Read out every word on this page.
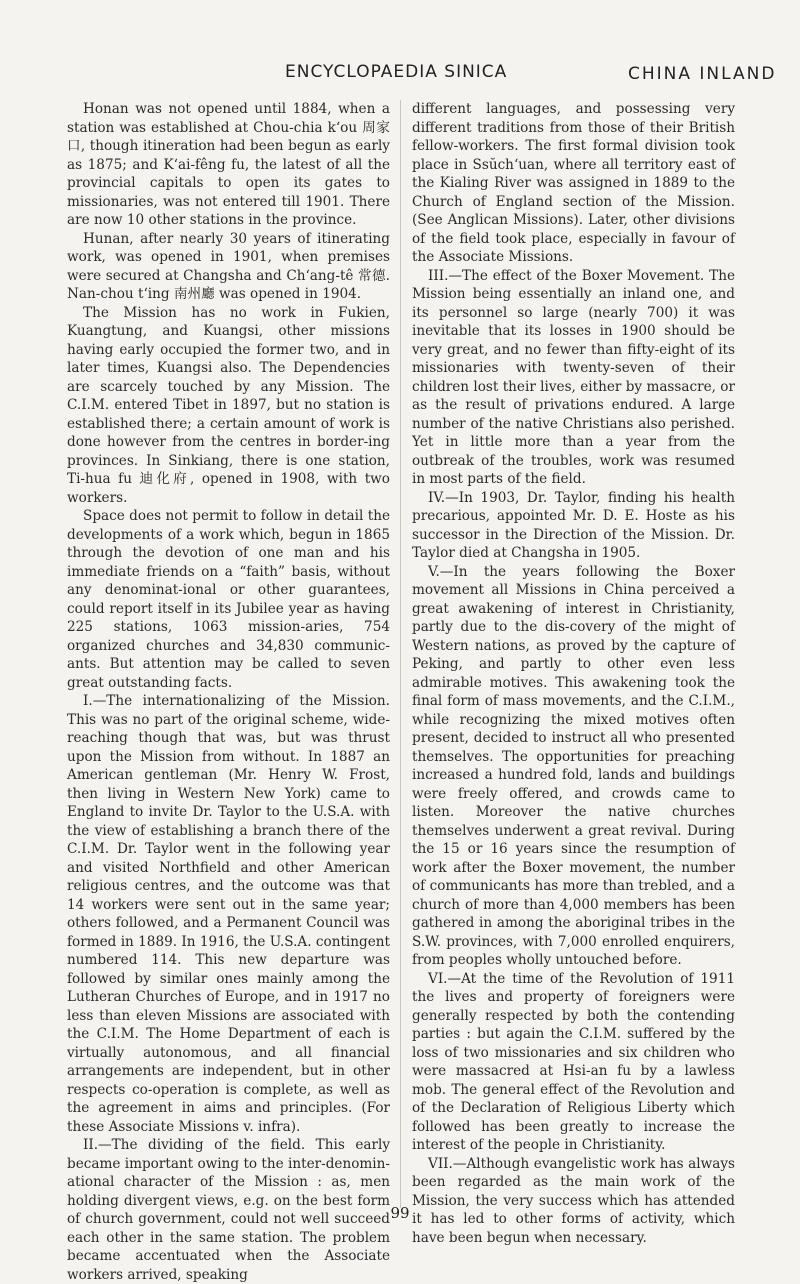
ENCYCLOPAEDIA SINICA	CHINA INLAND

Honan was not opened until 1884, when a station was established at Chou-chia k‘ou 周家口, though itineration had been begun as early as 1875; and K‘ai-fêng fu, the latest of all the provincial capitals to open its gates to missionaries, was not entered till 1901. There are now 10 other stations in the province.

Hunan, after nearly 30 years of itinerating work, was opened in 1901, when premises were secured at Changsha and Ch‘ang-tê 常德. Nan-chou t‘ing 南州廳 was opened in 1904.

The Mission has no work in Fukien, Kuangtung, and Kuangsi, other missions having early occupied the former two, and in later times, Kuangsi also. The Dependencies are scarcely touched by any Mission. The C.I.M. entered Tibet in 1897, but no station is established there; a certain amount of work is done however from the centres in border-ing provinces. In Sinkiang, there is one station, Ti-hua fu 迪化府, opened in 1908, with two workers.

Space does not permit to follow in detail the developments of a work which, begun in 1865 through the devotion of one man and his immediate friends on a “faith” basis, without any denominat-ional or other guarantees, could report itself in its Jubilee year as having 225 stations, 1063 mission-aries, 754 organized churches and 34,830 communic-ants. But attention may be called to seven great outstanding facts.

I.—The internationalizing of the Mission. This was no part of the original scheme, wide-reaching though that was, but was thrust upon the Mission from without. In 1887 an American gentleman (Mr. Henry W. Frost, then living in Western New York) came to England to invite Dr. Taylor to the U.S.A. with the view of establishing a branch there of the C.I.M. Dr. Taylor went in the following year and visited Northfield and other American religious centres, and the outcome was that 14 workers were sent out in the same year; others followed, and a Permanent Council was formed in 1889. In 1916, the U.S.A. contingent numbered 114. This new departure was followed by similar ones mainly among the Lutheran Churches of Europe, and in 1917 no less than eleven Missions are associated with the C.I.M. The Home Department of each is virtually autonomous, and all financial arrangements are independent, but in other respects co-operation is complete, as well as the agreement in aims and principles. (For these Associate Missions v. infra).

II.—The dividing of the field. This early became important owing to the inter-denomin-ational character of the Mission : as, men holding divergent views, e.g. on the best form of church government, could not well succeed each other in the same station. The problem became accentuated when the Associate workers arrived, speaking

different languages, and possessing very different traditions from those of their British fellow-workers. The first formal division took place in Ssŭch‘uan, where all territory east of the Kialing River was assigned in 1889 to the Church of England section of the Mission. (See Anglican Missions). Later, other divisions of the field took place, especially in favour of the Associate Missions.

III.—The effect of the Boxer Movement. The Mission being essentially an inland one, and its personnel so large (nearly 700) it was inevitable that its losses in 1900 should be very great, and no fewer than fifty-eight of its missionaries with twenty-seven of their children lost their lives, either by massacre, or as the result of privations endured. A large number of the native Christians also perished. Yet in little more than a year from the outbreak of the troubles, work was resumed in most parts of the field.

IV.—In 1903, Dr. Taylor, finding his health precarious, appointed Mr. D. E. Hoste as his successor in the Direction of the Mission. Dr. Taylor died at Changsha in 1905.

V.—In the years following the Boxer movement all Missions in China perceived a great awakening of interest in Christianity, partly due to the dis-covery of the might of Western nations, as proved by the capture of Peking, and partly to other even less admirable motives. This awakening took the final form of mass movements, and the C.I.M., while recognizing the mixed motives often present, decided to instruct all who presented themselves. The opportunities for preaching increased a hundred fold, lands and buildings were freely offered, and crowds came to listen. Moreover the native churches themselves underwent a great revival. During the 15 or 16 years since the resumption of work after the Boxer movement, the number of communicants has more than trebled, and a church of more than 4,000 members has been gathered in among the aboriginal tribes in the S.W. provinces, with 7,000 enrolled enquirers, from peoples wholly untouched before.

VI.—At the time of the Revolution of 1911 the lives and property of foreigners were generally respected by both the contending parties : but again the C.I.M. suffered by the loss of two missionaries and six children who were massacred at Hsi-an fu by a lawless mob. The general effect of the Revolution and of the Declaration of Religious Liberty which followed has been greatly to increase the interest of the people in Christianity.

VII.—Although evangelistic work has always been regarded as the main work of the Mission, the very success which has attended it has led to other forms of activity, which have been begun when necessary.

99
